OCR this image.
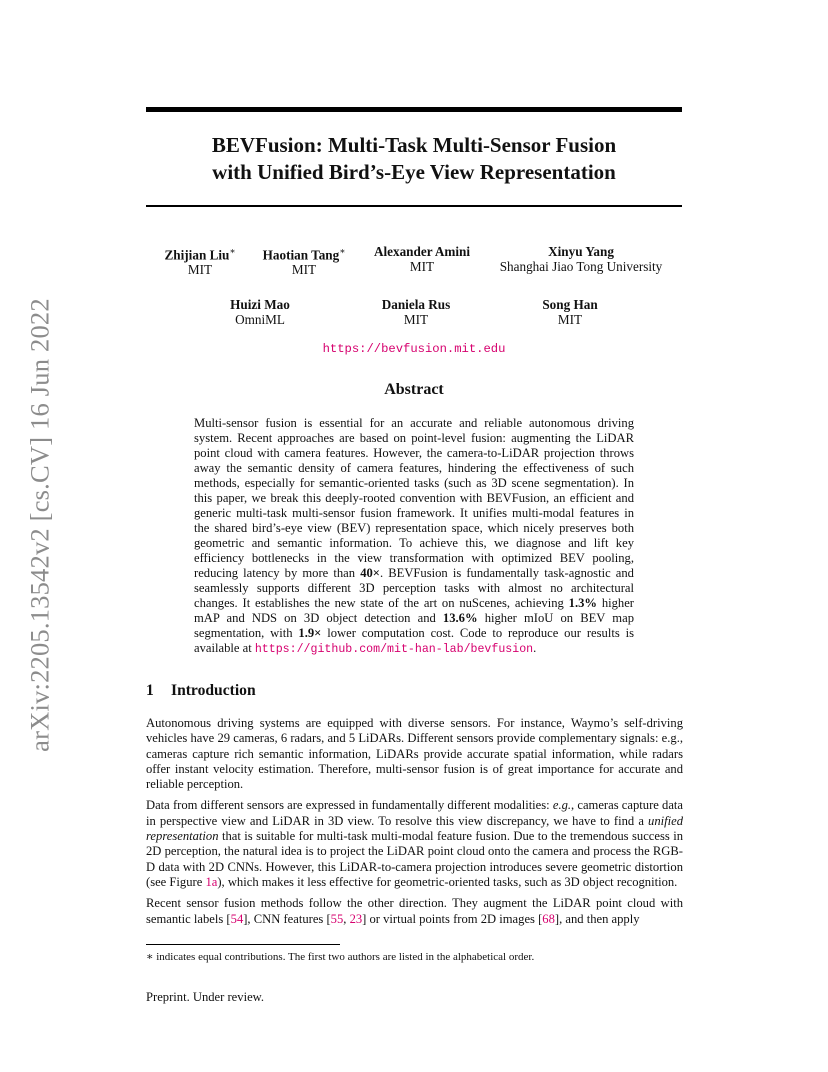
arXiv:2205.13542v2 [cs.CV] 16 Jun 2022
BEVFusion: Multi-Task Multi-Sensor Fusion
with Unified Bird’s-Eye View Representation
Zhijian Liu∗
MIT
Haotian Tang∗
MIT
Alexander Amini
MIT
Xinyu Yang
Shanghai Jiao Tong University
Huizi Mao
OmniML
Daniela Rus
MIT
Song Han
MIT
https://bevfusion.mit.edu
Abstract
Multi-sensor fusion is essential for an accurate and reliable autonomous driving system. Recent approaches are based on point-level fusion: augmenting the LiDAR point cloud with camera features. However, the camera-to-LiDAR projection throws away the semantic density of camera features, hindering the effectiveness of such methods, especially for semantic-oriented tasks (such as 3D scene segmentation). In this paper, we break this deeply-rooted convention with BEVFusion, an efficient and generic multi-task multi-sensor fusion framework. It unifies multi-modal features in the shared bird’s-eye view (BEV) representation space, which nicely preserves both geometric and semantic information. To achieve this, we diagnose and lift key efficiency bottlenecks in the view transformation with optimized BEV pooling, reducing latency by more than 40×. BEVFusion is fundamentally task-agnostic and seamlessly supports different 3D perception tasks with almost no architectural changes. It establishes the new state of the art on nuScenes, achieving 1.3% higher mAP and NDS on 3D object detection and 13.6% higher mIoU on BEV map segmentation, with 1.9× lower computation cost. Code to reproduce our results is available at https://github.com/mit-han-lab/bevfusion.
1 Introduction

Autonomous driving systems are equipped with diverse sensors. For instance, Waymo’s self-driving vehicles have 29 cameras, 6 radars, and 5 LiDARs. Different sensors provide complementary signals: e.g., cameras capture rich semantic information, LiDARs provide accurate spatial information, while radars offer instant velocity estimation. Therefore, multi-sensor fusion is of great importance for accurate and reliable perception.

Data from different sensors are expressed in fundamentally different modalities: e.g., cameras capture data in perspective view and LiDAR in 3D view. To resolve this view discrepancy, we have to find a unified representation that is suitable for multi-task multi-modal feature fusion. Due to the tremendous success in 2D perception, the natural idea is to project the LiDAR point cloud onto the camera and process the RGB-D data with 2D CNNs. However, this LiDAR-to-camera projection introduces severe geometric distortion (see Figure 1a), which makes it less effective for geometric-oriented tasks, such as 3D object recognition.

Recent sensor fusion methods follow the other direction. They augment the LiDAR point cloud with semantic labels [54], CNN features [55, 23] or virtual points from 2D images [68], and then apply

∗ indicates equal contributions. The first two authors are listed in the alphabetical order.
Preprint. Under review.
